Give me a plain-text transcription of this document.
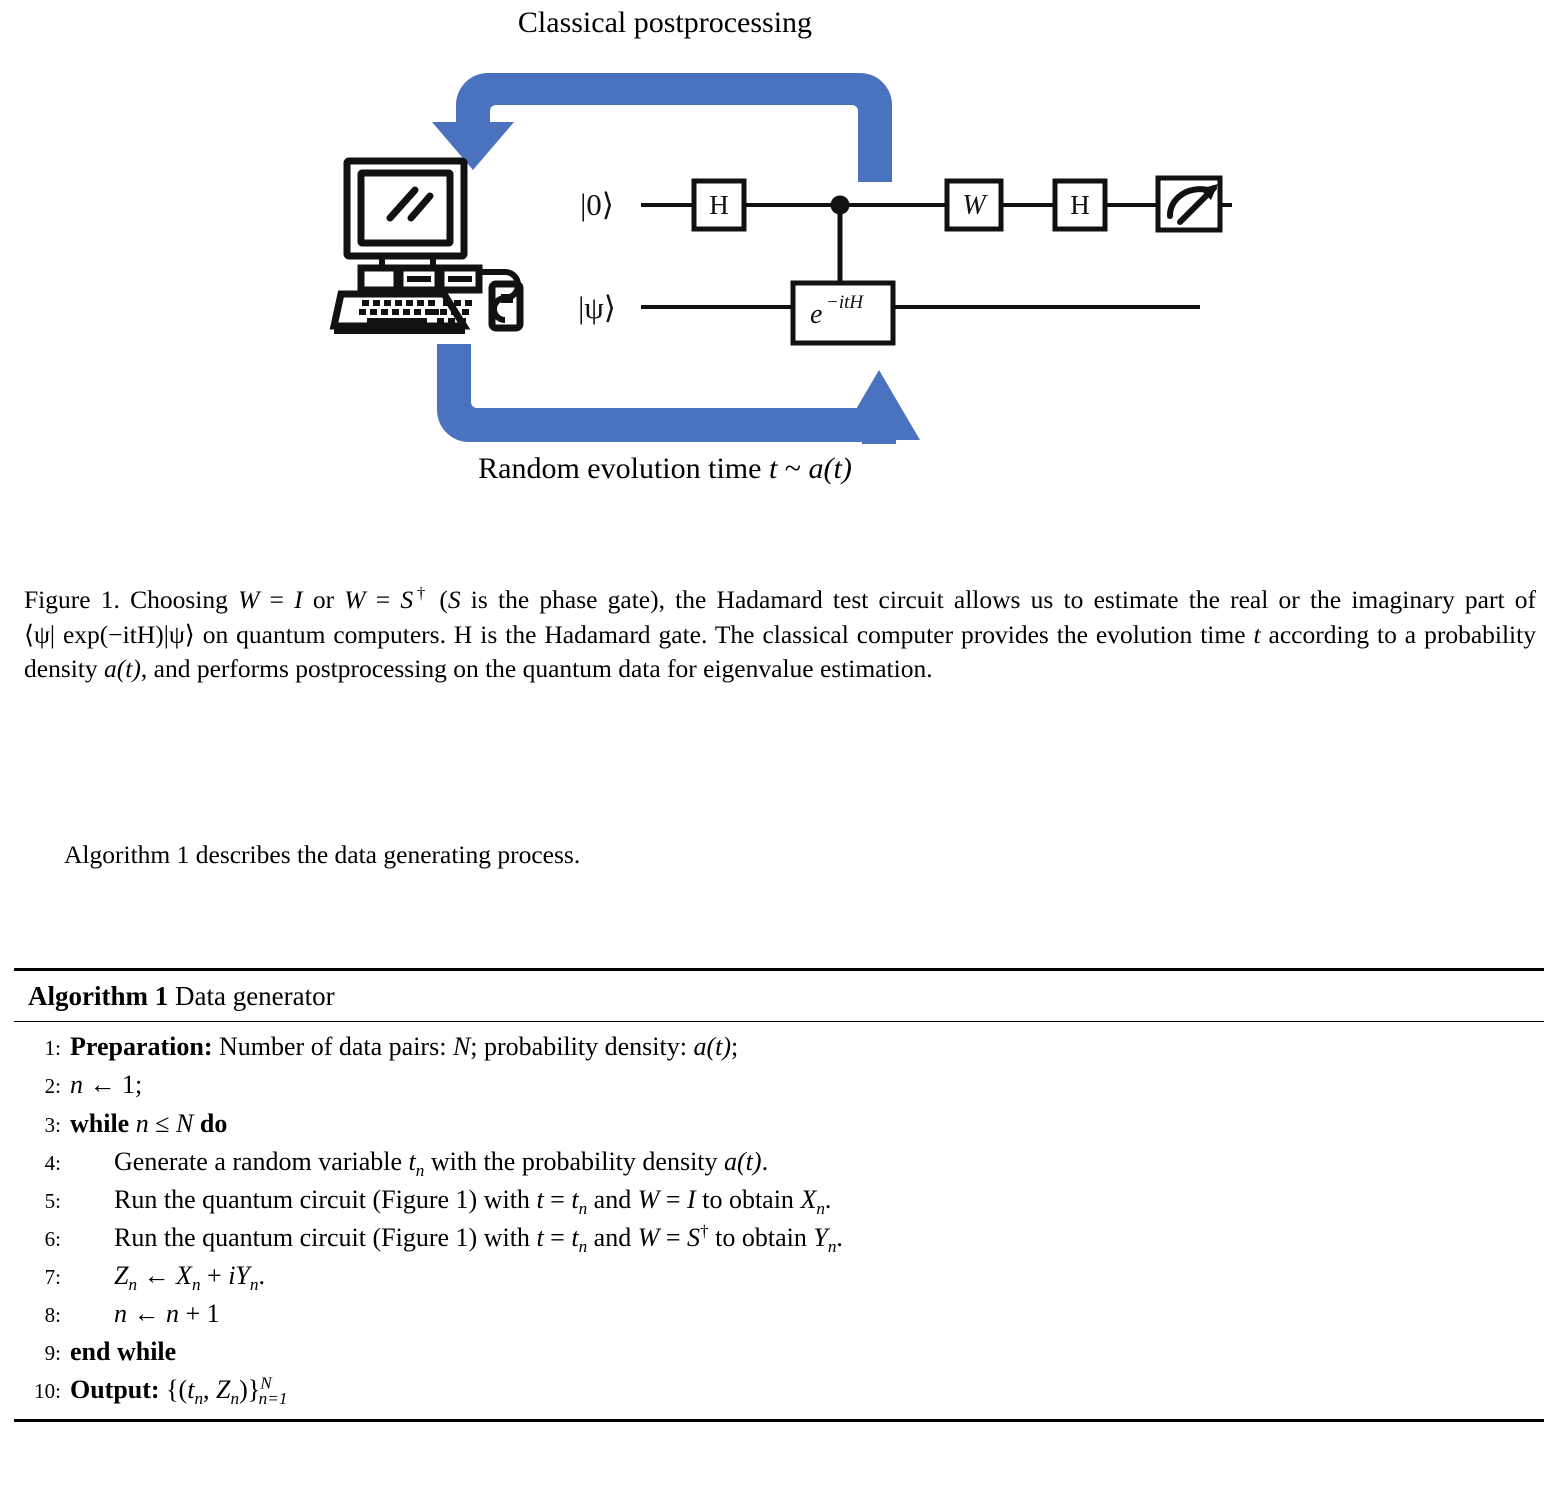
Classical postprocessing
H	W	H
e −itH
|0⟩
|ψ⟩
Random evolution time t ~ a(t)
Figure 1. Choosing W = I or W = S† (S is the phase gate), the Hadamard test circuit allows us to estimate the real or the imaginary part of ⟨ψ| exp(−itH)|ψ⟩ on quantum computers. H is the Hadamard gate. The classical computer provides the evolution time t according to a probability density a(t), and performs postprocessing on the quantum data for eigenvalue estimation.
Algorithm 1 describes the data generating process.
Algorithm 1 Data generator
1: Preparation: Number of data pairs: N; probability density: a(t);
2: n ← 1;
3: while n ≤ N do
4:	Generate a random variable $t_n$ with the probability density a(t).
5:	Run the quantum circuit (Figure 1) with $t = t_n$ and W = I to obtain $X_n$.
6:	Run the quantum circuit (Figure 1) with $t = t_n$ and W = S† to obtain $Y_n$.
7:	$Z_n$ ← $X_n + iY_n$.
8:	n ← n + 1
9: end while
10: Output: {($t_n$, $Z_n)\}^N_{n=1}$
